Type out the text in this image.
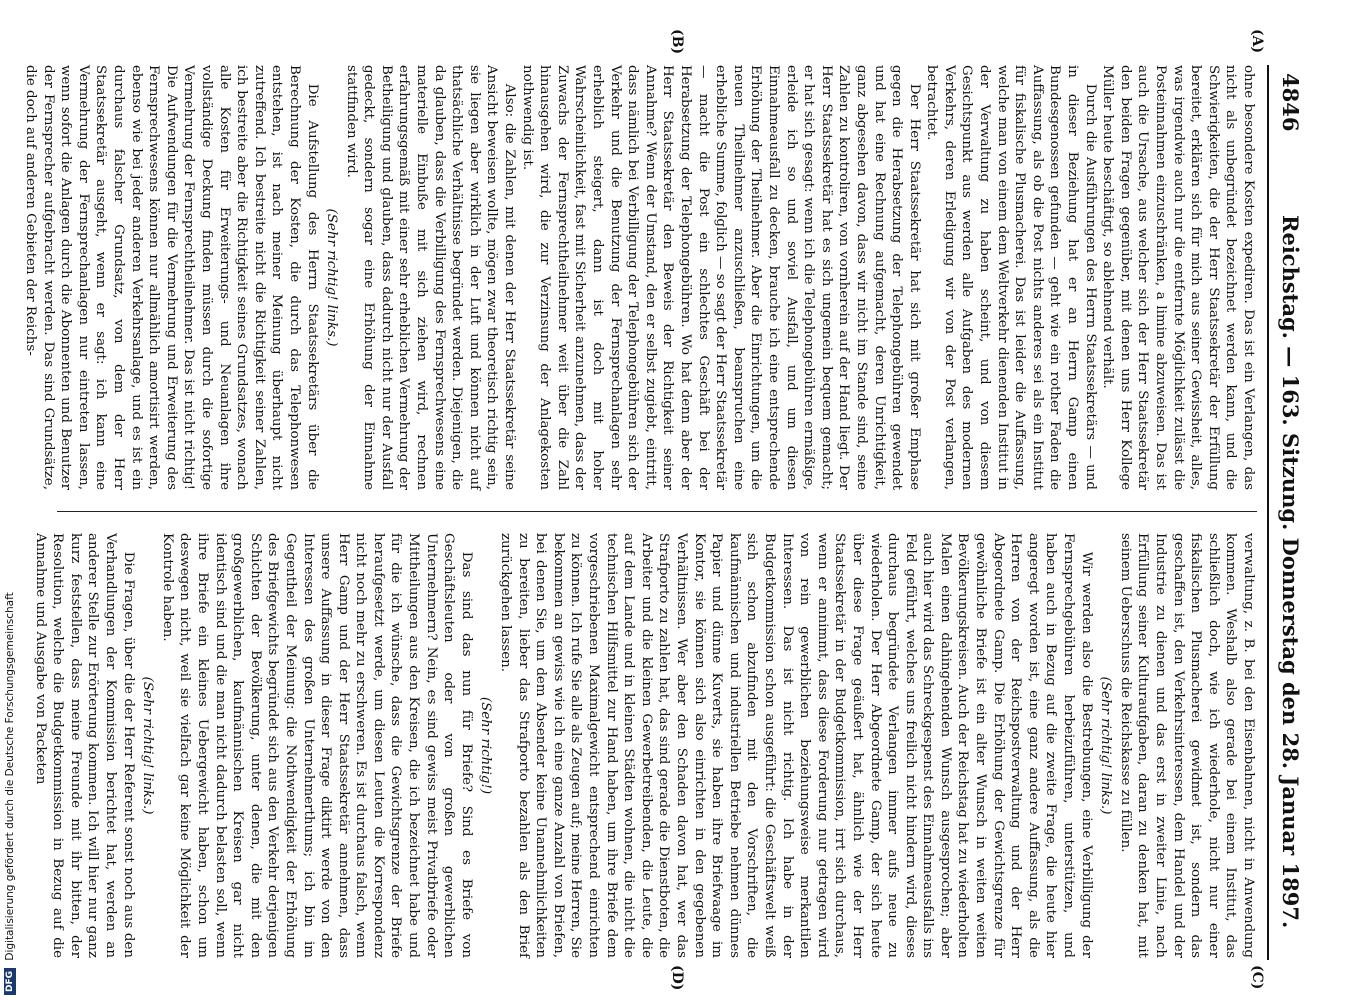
4846
Reichstag. — 163. Sitzung. Donnerstag den 28. Januar 1897.
(A)
(B)
(C)
(D)

ohne besondere Kosten expediren. Das ist ein Verlangen, das nicht als unbegründet bezeichnet werden kann, und die Schwierigkeiten, die der Herr Staatssekretär der Erfüllung bereitet, erklären sich für mich aus seiner Gewissheit, alles, was irgendwie auch nur die entfernte Möglichkeit zulässt die Posteinnahmen einzuschränken, a limine abzuweisen. Das ist auch die Ursache, aus welcher sich der Herr Staatssekretär den beiden Fragen gegenüber, mit denen uns Herr Kollege Müller heute beschäftigt, so ablehnend verhält.

Durch die Ausführungen des Herrn Staatssekretärs — und in dieser Beziehung hat er an Herrn Gamp einen Bundesgenossen gefunden — geht wie ein rother Faden die Auffassung, als ob die Post nichts anderes sei als ein Institut für fiskalische Plusmacherei. Das ist leider die Auffassung, welche man von einem dem Weltverkehr dienenden Institut in der Verwaltung zu haben scheint, und von diesem Gesichtspunkt aus werden alle Aufgaben des modernen Verkehrs, deren Erledigung wir von der Post verlangen, betrachtet.

Der Herr Staatssekretär hat sich mit großer Emphase gegen die Herabsetzung der Telephongebühren gewendet und hat eine Rechnung aufgemacht, deren Unrichtigkeit, ganz abgesehen davon, dass wir nicht im Stande sind, seine Zahlen zu kontroliren, von vornherein auf der Hand liegt. Der Herr Staatssekretär hat es sich ungemein bequem gemacht; er hat sich gesagt: wenn ich die Telephongebühren ermäßige, erleide ich so und soviel Ausfall, und um diesen Einnahmeausfall zu decken, brauche ich eine entsprechende Erhöhung der Theilnehmer. Aber die Einrichtungen, um die neuen Theilnehmer anzuschließen, beanspruchen eine erhebliche Summe, folglich — so sagt der Herr Staatssekretär — macht die Post ein schlechtes Geschäft bei der Herabsetzung der Telephongebühren. Wo hat denn aber der Herr Staatssekretär den Beweis der Richtigkeit seiner Annahme? Wenn der Umstand, den er selbst zugiebt, eintritt, dass nämlich bei Verbilligung der Telephongebühren sich der Verkehr und die Benutzung der Fernsprechanlagen sehr erheblich steigert, dann ist doch mit hoher Wahrscheinlichkeit, fast mit Sicherheit anzunehmen, dass der Zuwachs der Fernsprechtheilnehmer weit über die Zahl hinausgehen wird, die zur Verzinsung der Anlagekosten nothwendig ist.

Also: die Zahlen, mit denen der Herr Staatssekretär seine Ansicht beweisen wollte, mögen zwar theoretisch richtig sein, sie liegen aber wirklich in der Luft und können nicht auf thatsächliche Verhältnisse begründet werden. Diejenigen, die da glauben, dass die Verbilligung des Fernsprechwesens eine materielle Einbuße mit sich ziehen wird, rechnen erfahrungsgemäß mit einer sehr erheblichen Vermehrung der Betheiligung und glauben, dass dadurch nicht nur der Ausfall gedeckt, sondern sogar eine Erhöhung der Einnahme stattfinden wird.

(Sehr richtig! links.)

Die Aufstellung des Herrn Staatssekretärs über die Berechnung der Kosten, die durch das Telephonwesen entstehen, ist nach meiner Meinung überhaupt nicht zutreffend. Ich bestreite nicht die Richtigkeit seiner Zahlen, ich bestreite aber die Richtigkeit seines Grundsatzes, wonach alle Kosten für Erweiterungs- und Neuanlagen ihre vollständige Deckung finden müssen durch die sofortige Vermehrung der Fernsprechtheilnehmer. Das ist nicht richtig! Die Aufwendungen für die Vermehrung und Erweiterung des Fernsprechwesens können nur allmählich amortisirt werden, ebenso wie bei jeder anderen Verkehrsanlage, und es ist ein durchaus falscher Grundsatz, von dem der Herr Staatssekretär ausgeht, wenn er sagt: ich kann eine Vermehrung der Fernsprechanlagen nur eintreten lassen, wenn sofort die Anlagen durch die Abonnenten und Benutzer der Fernsprecher aufgebracht werden. Das sind Grundsätze, die doch auf anderen Gebieten der Reichs-

verwaltung, z. B. bei den Eisenbahnen, nicht in Anwendung kommen. Weshalb also gerade bei einem Institut, das schließlich doch, wie ich wiederhole, nicht nur einer fiskalischen Plusmacherei gewidmet ist, sondern das geschaffen ist, den Verkehrsinteressen, dem Handel und der Industrie zu dienen und das erst in zweiter Linie, nach Erfüllung seiner Kulturaufgaben, daran zu denken hat, mit seinem Ueberschuss die Reichskasse zu füllen.

(Sehr richtig! links.)

Wir werden also die Bestrebungen, eine Verbilligung der Fernsprechgebühren herbeizuführen, unterstützen, und haben auch in Bezug auf die zweite Frage, die heute hier angeregt worden ist, eine ganz andere Auffassung, als die Herren von der Reichspostverwaltung und der Herr Abgeordnete Gamp. Die Erhöhung der Gewichtsgrenze für gewöhnliche Briefe ist ein alter Wunsch in weiten weiten Bevölkerungskreisen. Auch der Reichstag hat zu wiederholten Malen einen dahingehenden Wunsch ausgesprochen; aber auch hier wird das Schreckgespenst des Einnahmeausfalls ins Feld geführt, welches uns freilich nicht hindern wird, dieses durchaus begründete Verlangen immer aufs neue zu wiederholen. Der Herr Abgeordnete Gamp, der sich heute über diese Frage geäußert hat, ähnlich wie der Herr Staatssekretär in der Budgetkommission, irrt sich durchaus, wenn er annimmt, dass diese Forderung nur getragen wird von rein gewerblichen beziehungsweise merkantilen Interessen. Das ist nicht richtig. Ich habe in der Budgetkommission schon ausgeführt: die Geschäftswelt weiß sich schon abzufinden mit den Vorschriften, die kaufmännischen und industriellen Betriebe nehmen dünnes Papier und dünne Kuverts, sie haben ihre Briefwaage im Kontor, sie können sich also einrichten in den gegebenen Verhältnissen. Wer aber den Schaden davon hat, wer das Strafporto zu zahlen hat, das sind gerade die Dienstboten, die Arbeiter und die kleinen Gewerbetreibenden, die Leute, die auf dem Lande und in kleinen Städten wohnen, die nicht die technischen Hilfsmittel zur Hand haben, um ihre Briefe dem vorgeschriebenen Maximalgewicht entsprechend einrichten zu können. Ich rufe Sie alle als Zeugen auf; meine Herren, Sie bekommen an gewiss wie ich eine ganze Anzahl von Briefen, bei denen Sie, um dem Absender keine Unannehmlichkeiten zu bereiten, lieber das Strafporto bezahlen als den Brief zurückgehen lassen.

(Sehr richtig!)

Das sind das nun für Briefe? Sind es Briefe von Geschäftsleuten oder von großen gewerblichen Unternehmern? Nein, es sind gewiss meist Privatbriefe oder Mittheilungen aus den Kreisen, die ich bezeichnet habe und für die ich wünsche, dass die Gewichtsgrenze der Briefe heraufgesetzt werde, um diesen Leuten die Korrespondenz nicht noch mehr zu erschweren. Es ist durchaus falsch, wenn Herr Gamp und der Herr Staatssekretär annehmen, dass unsere Auffassung in dieser Frage diktirt werde von den Interessen des großen Unternehmerthums; ich bin im Gegentheil der Meinung: die Nothwendigkeit der Erhöhung des Briefgewichts begründet sich aus den Verkehr derjenigen Schichten der Bevölkerung, unter denen, die mit den großgewerblichen, kaufmännischen Kreisen gar nicht identisch sind und die man nicht dadurch belasten soll, wenn ihre Briefe ein kleines Uebergewicht haben, schon um deswegen nicht, weil sie vielfach gar keine Möglichkeit der Kontrole haben.

(Sehr richtig! links.)

Die Fragen, über die der Herr Referent sonst noch aus den Verhandlungen der Kommission berichtet hat, werden an anderer Stelle zur Erörterung kommen. Ich will hier nur ganz kurz feststellen, dass meine Freunde mit ihr bitten, der Resolution, welche die Budgetkommission in Bezug auf die Annahme und Ausgabe von Packeten

DFG Digitalisierung gefördert durch die Deutsche Forschungsgemeinschaft
